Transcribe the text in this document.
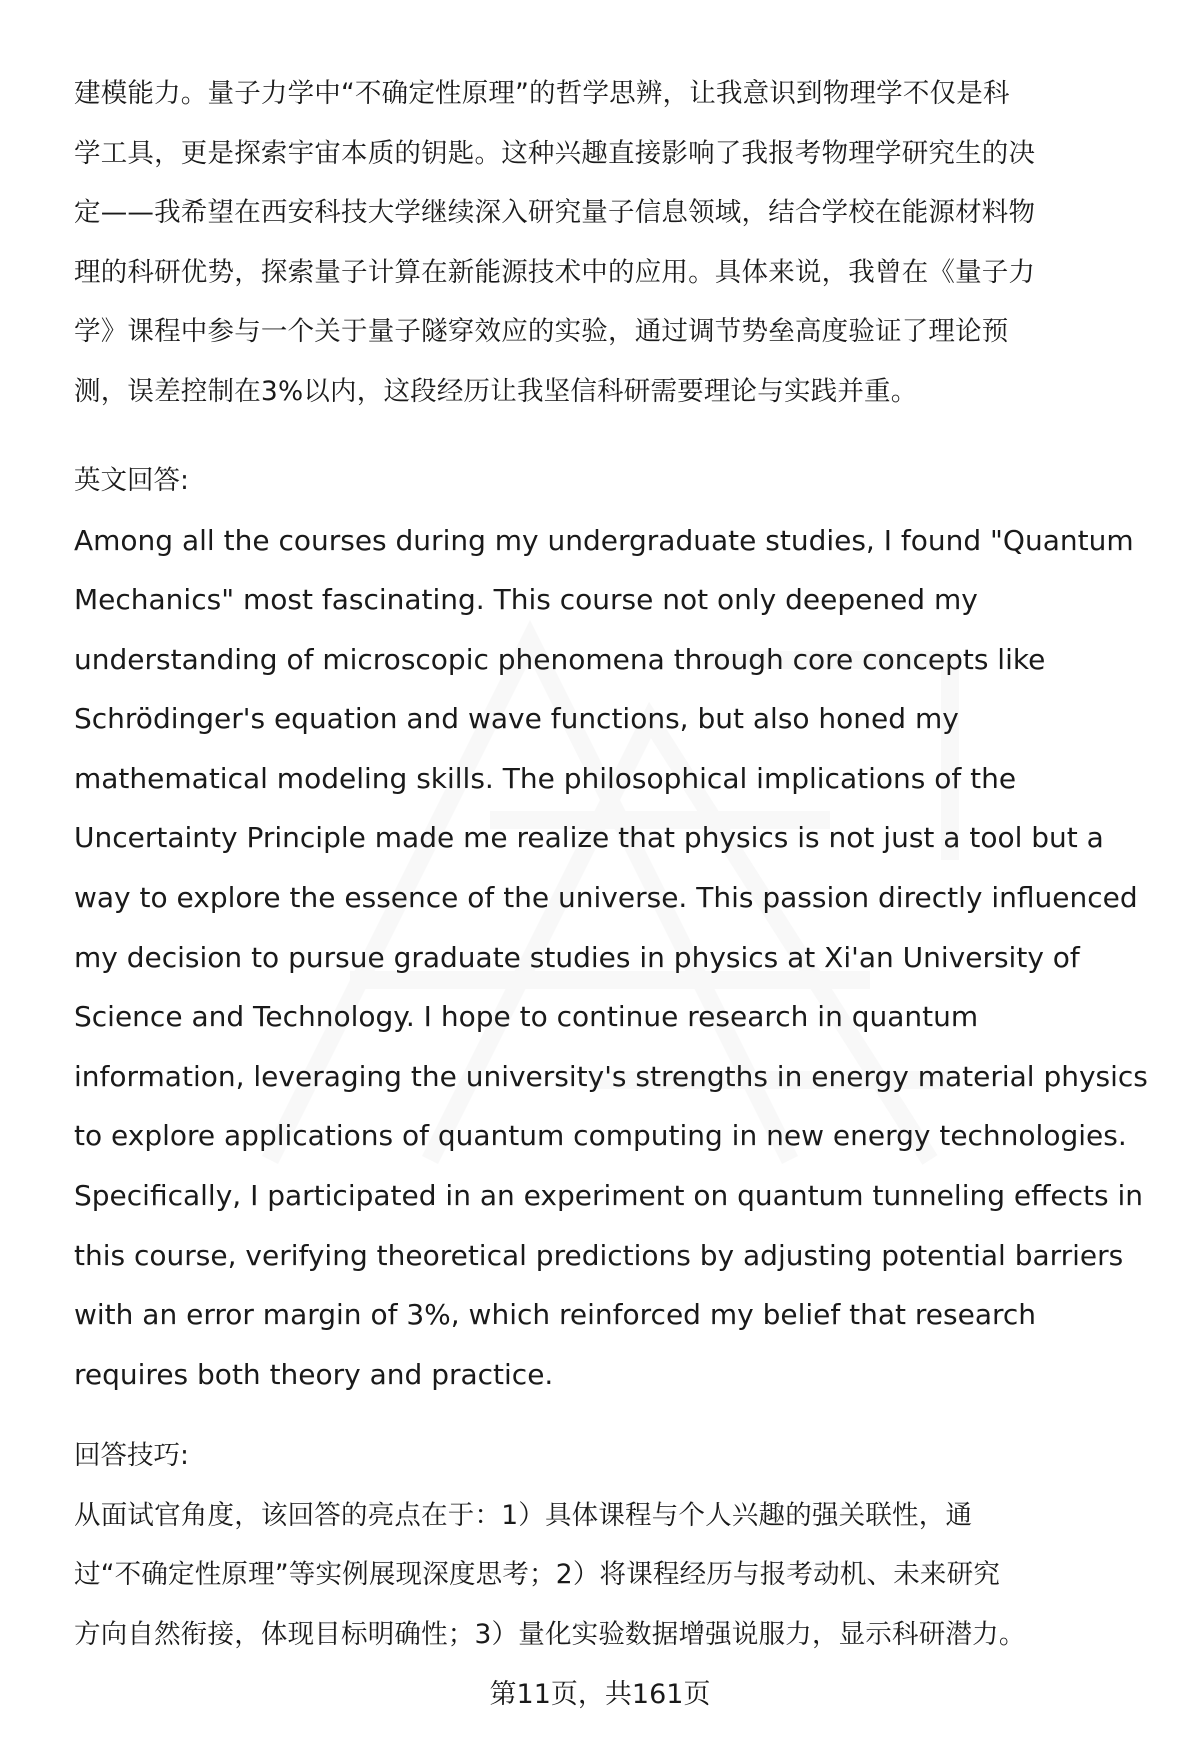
建模能力。量子力学中“不确定性原理”的哲学思辨，让我意识到物理学不仅是科
学工具，更是探索宇宙本质的钥匙。这种兴趣直接影响了我报考物理学研究生的决
定——我希望在西安科技大学继续深入研究量子信息领域，结合学校在能源材料物
理的科研优势，探索量子计算在新能源技术中的应用。具体来说，我曾在《量子力
学》课程中参与一个关于量子隧穿效应的实验，通过调节势垒高度验证了理论预
测，误差控制在3%以内，这段经历让我坚信科研需要理论与实践并重。
英文回答:
Among all the courses during my undergraduate studies, I found "Quantum
Mechanics" most fascinating. This course not only deepened my
understanding of microscopic phenomena through core concepts like
Schrödinger's equation and wave functions, but also honed my
mathematical modeling skills. The philosophical implications of the
Uncertainty Principle made me realize that physics is not just a tool but a
way to explore the essence of the universe. This passion directly influenced
my decision to pursue graduate studies in physics at Xi'an University of
Science and Technology. I hope to continue research in quantum
information, leveraging the university's strengths in energy material physics
to explore applications of quantum computing in new energy technologies.
Specifically, I participated in an experiment on quantum tunneling effects in
this course, verifying theoretical predictions by adjusting potential barriers
with an error margin of 3%, which reinforced my belief that research
requires both theory and practice.
回答技巧:
从面试官角度，该回答的亮点在于：1）具体课程与个人兴趣的强关联性，通
过“不确定性原理”等实例展现深度思考；2）将课程经历与报考动机、未来研究
方向自然衔接，体现目标明确性；3）量化实验数据增强说服力，显示科研潜力。
第11页，共161页
